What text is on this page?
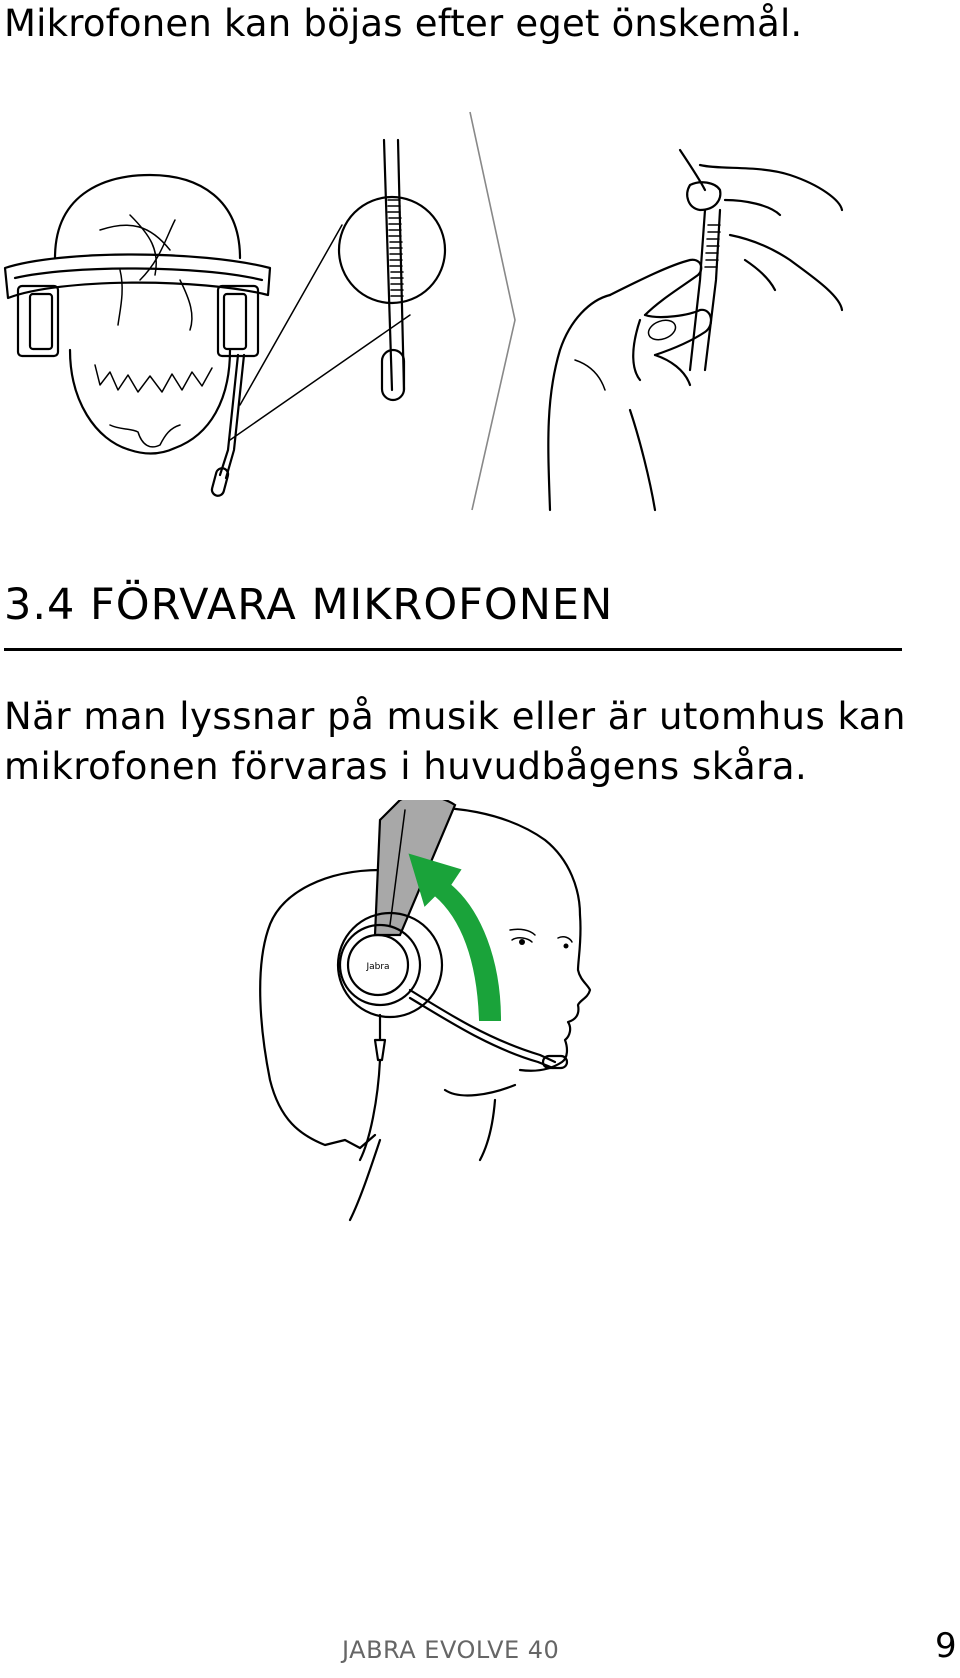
Mikrofonen kan böjas efter eget önskemål.
3.4 FÖRVARA MIKROFONEN
När man lyssnar på musik eller är utomhus kan
mikrofonen förvaras i huvudbågens skåra.
Jabra
JABRA EVOLVE 40	9
